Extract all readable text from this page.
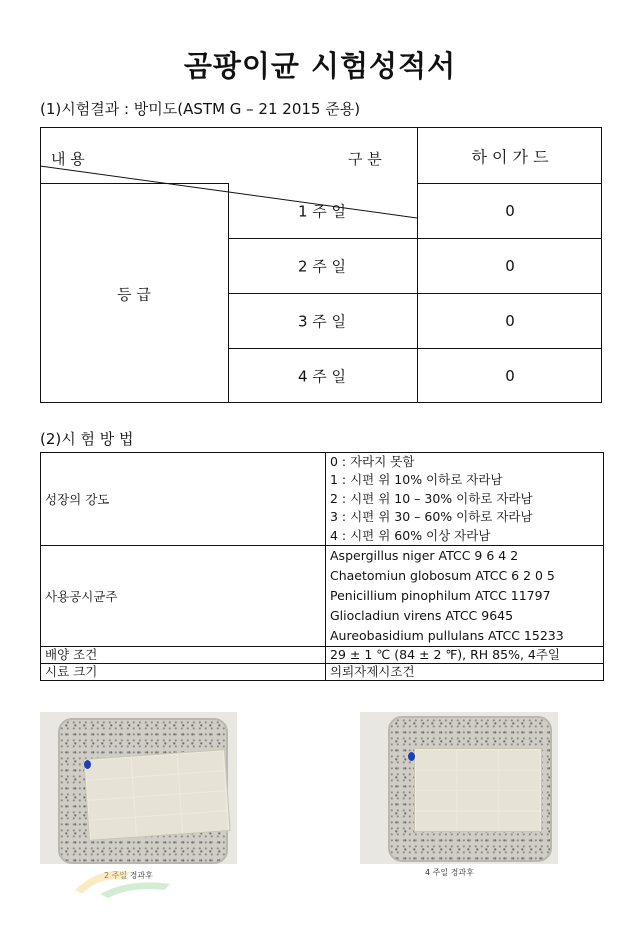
곰팡이균 시험성적서
(1)시험결과 : 방미도(ASTM G – 21 2015 준용)
내 용	구 분	하 이 가 드
등 급
1 주 일	0
2 주 일	0
3 주 일	0
4 주 일	0
(2)시 험 방 법
성장의 강도	0 : 자라지 못함
1 : 시편 위 10% 이하로 자라남
2 : 시편 위 10 – 30% 이하로 자라남
3 : 시편 위 30 – 60% 이하로 자라남
4 : 시편 위 60% 이상 자라남

사용공시균주	Aspergillus niger ATCC 9 6 4 2
Chaetomiun globosum ATCC 6 2 0 5
Penicillium pinophilum ATCC 11797
Gliocladiun virens ATCC 9645
Aureobasidium pullulans ATCC 15233

배양 조건	29 ± 1 ℃ (84 ± 2 ℉), RH 85%, 4주일
시료 크기	의뢰자제시조건
2 주일 경과후	4 주일 경과후
